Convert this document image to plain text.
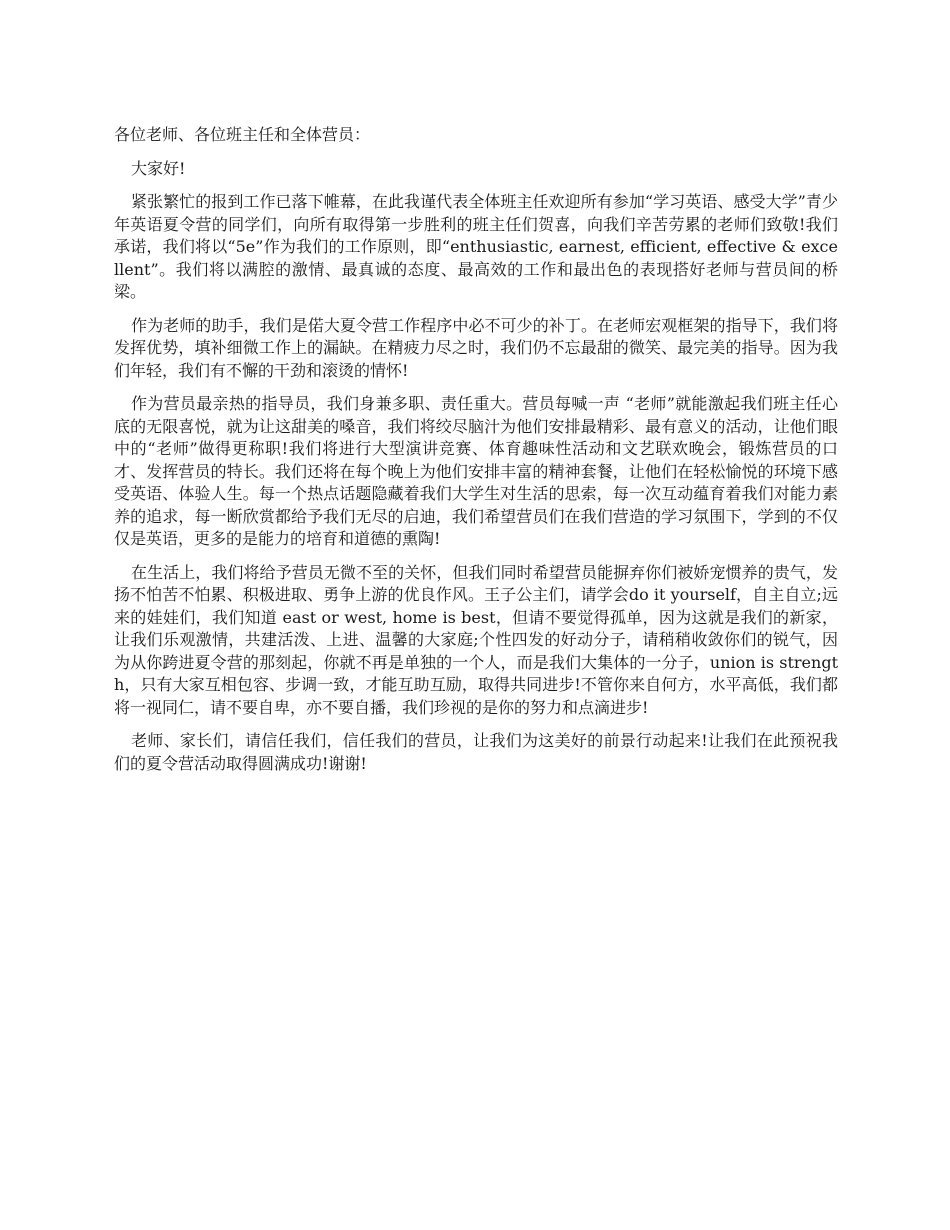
各位老师、各位班主任和全体营员：

大家好!

紧张繁忙的报到工作已落下帷幕，在此我谨代表全体班主任欢迎所有参加“学习英语、感受大学”青少年英语夏令营的同学们，向所有取得第一步胜利的班主任们贺喜，向我们辛苦劳累的老师们致敬!我们承诺，我们将以“5e”作为我们的工作原则，即“enthusiastic, earnest, efficient, effective & excellent”。我们将以满腔的激情、最真诚的态度、最高效的工作和最出色的表现搭好老师与营员间的桥梁。

作为老师的助手，我们是偌大夏令营工作程序中必不可少的补丁。在老师宏观框架的指导下，我们将发挥优势，填补细微工作上的漏缺。在精疲力尽之时，我们仍不忘最甜的微笑、最完美的指导。因为我们年轻，我们有不懈的干劲和滚烫的情怀!

作为营员最亲热的指导员，我们身兼多职、责任重大。营员每喊一声 “老师”就能激起我们班主任心底的无限喜悦，就为让这甜美的嗓音，我们将绞尽脑汁为他们安排最精彩、最有意义的活动，让他们眼中的“老师”做得更称职!我们将进行大型演讲竞赛、体育趣味性活动和文艺联欢晚会，锻炼营员的口才、发挥营员的特长。我们还将在每个晚上为他们安排丰富的精神套餐，让他们在轻松愉悦的环境下感受英语、体验人生。每一个热点话题隐藏着我们大学生对生活的思索，每一次互动蕴育着我们对能力素养的追求，每一断欣赏都给予我们无尽的启迪，我们希望营员们在我们营造的学习氛围下，学到的不仅仅是英语，更多的是能力的培育和道德的熏陶!

在生活上，我们将给予营员无微不至的关怀，但我们同时希望营员能摒弃你们被娇宠惯养的贵气，发扬不怕苦不怕累、积极进取、勇争上游的优良作风。王子公主们，请学会do it yourself，自主自立;远来的娃娃们，我们知道 east or west, home is best，但请不要觉得孤单，因为这就是我们的新家，让我们乐观激情，共建活泼、上进、温馨的大家庭;个性四发的好动分子，请稍稍收敛你们的锐气，因为从你跨进夏令营的那刻起，你就不再是单独的一个人，而是我们大集体的一分子，union is strength，只有大家互相包容、步调一致，才能互助互励，取得共同进步!不管你来自何方，水平高低，我们都将一视同仁，请不要自卑，亦不要自播，我们珍视的是你的努力和点滴进步!

老师、家长们，请信任我们，信任我们的营员，让我们为这美好的前景行动起来!让我们在此预祝我们的夏令营活动取得圆满成功!谢谢!
